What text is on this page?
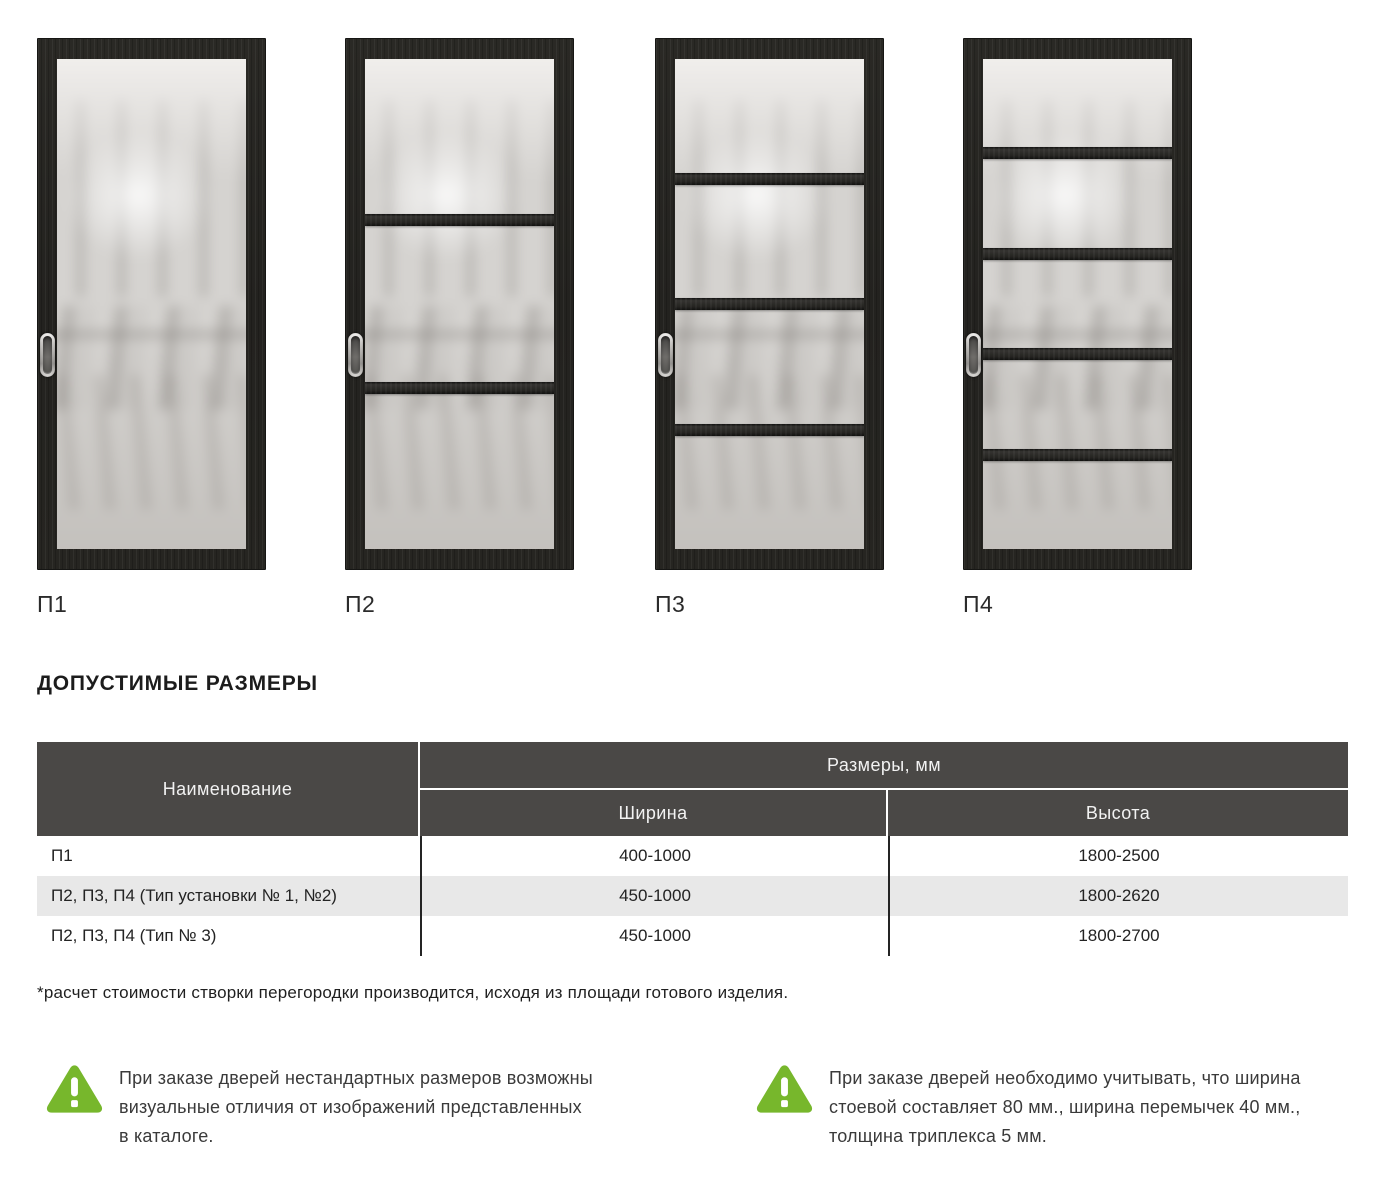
П1	П2	П3	П4
ДОПУСТИМЫЕ РАЗМЕРЫ
Наименование
Размеры, мм
Ширина	Высота
П1	400-1000	1800-2500
П2, П3, П4 (Тип установки № 1, №2)	450-1000	1800-2620
П2, П3, П4 (Тип № 3)	450-1000	1800-2700

*расчет стоимости створки перегородки производится, исходя из площади готового изделия.

При заказе дверей нестандартных размеров возможны
визуальные отличия от изображений представленных
в каталоге.
При заказе дверей необходимо учитывать, что ширина
стоевой составляет 80 мм., ширина перемычек 40 мм.,
толщина триплекса 5 мм.
